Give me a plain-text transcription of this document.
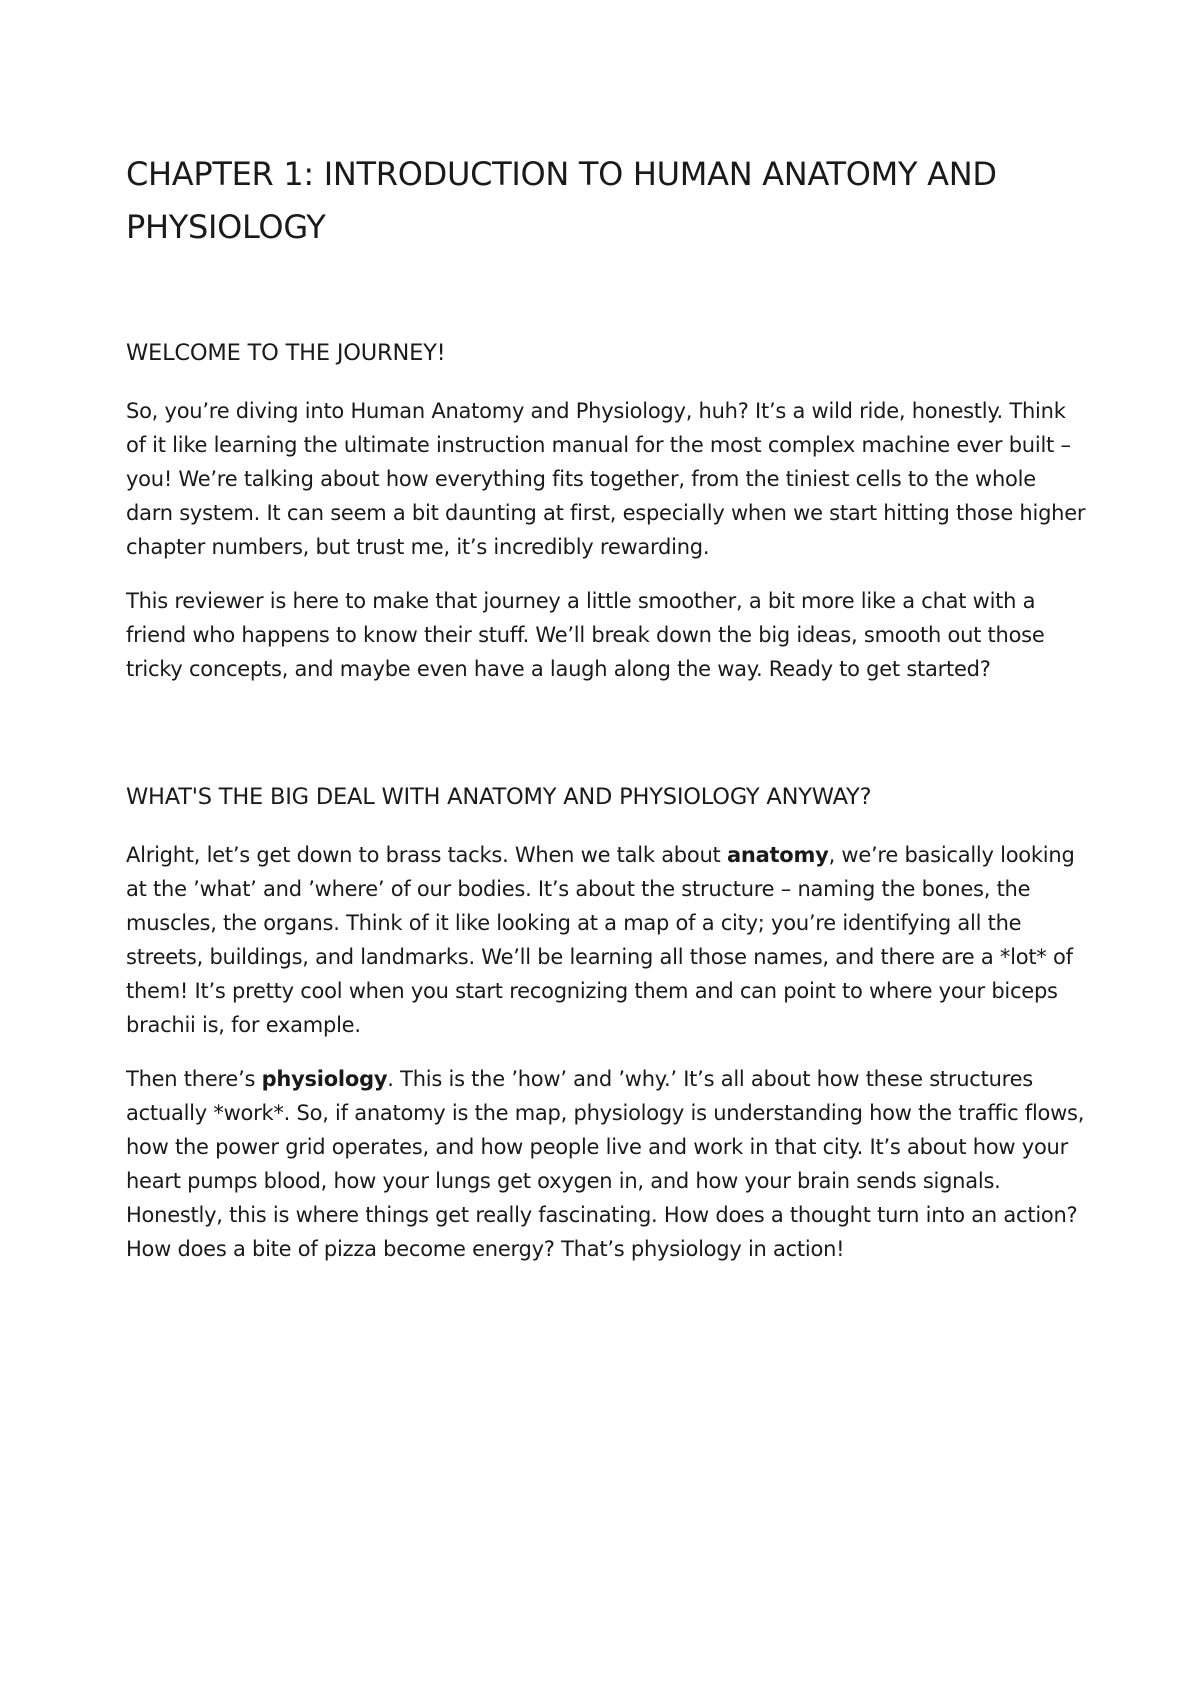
CHAPTER 1: INTRODUCTION TO HUMAN ANATOMY AND PHYSIOLOGY
WELCOME TO THE JOURNEY!

So, you’re diving into Human Anatomy and Physiology, huh? It’s a wild ride, honestly. Think of it like learning the ultimate instruction manual for the most complex machine ever built – you! We’re talking about how everything fits together, from the tiniest cells to the whole darn system. It can seem a bit daunting at first, especially when we start hitting those higher chapter numbers, but trust me, it’s incredibly rewarding.

This reviewer is here to make that journey a little smoother, a bit more like a chat with a friend who happens to know their stuff. We’ll break down the big ideas, smooth out those tricky concepts, and maybe even have a laugh along the way. Ready to get started?

WHAT'S THE BIG DEAL WITH ANATOMY AND PHYSIOLOGY ANYWAY?

Alright, let’s get down to brass tacks. When we talk about anatomy, we’re basically looking at the ’what’ and ’where’ of our bodies. It’s about the structure – naming the bones, the muscles, the organs. Think of it like looking at a map of a city; you’re identifying all the streets, buildings, and landmarks. We’ll be learning all those names, and there are a *lot* of them! It’s pretty cool when you start recognizing them and can point to where your biceps brachii is, for example.

Then there’s physiology. This is the ’how’ and ’why.’ It’s all about how these structures actually *work*. So, if anatomy is the map, physiology is understanding how the traffic flows, how the power grid operates, and how people live and work in that city. It’s about how your heart pumps blood, how your lungs get oxygen in, and how your brain sends signals. Honestly, this is where things get really fascinating. How does a thought turn into an action? How does a bite of pizza become energy? That’s physiology in action!
